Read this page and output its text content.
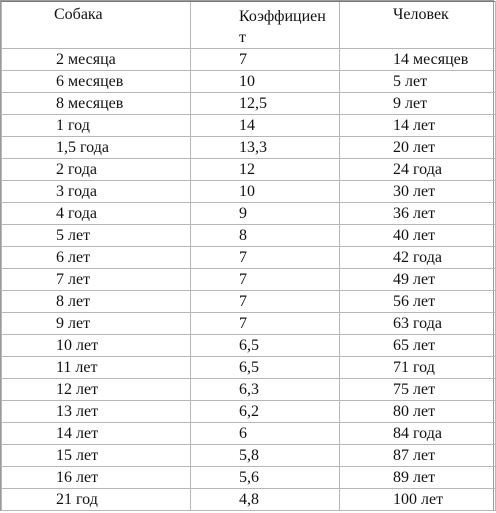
Собака	Коэффициент	Человек
2 месяца	7	14 месяцев
6 месяцев	10	5 лет
8 месяцев	12,5	9 лет
1 год	14	14 лет
1,5 года	13,3	20 лет
2 года	12	24 года
3 года	10	30 лет
4 года	9	36 лет
5 лет	8	40 лет
6 лет	7	42 года
7 лет	7	49 лет
8 лет	7	56 лет
9 лет	7	63 года
10 лет	6,5	65 лет
11 лет	6,5	71 год
12 лет	6,3	75 лет
13 лет	6,2	80 лет
14 лет	6	84 года
15 лет	5,8	87 лет
16 лет	5,6	89 лет
21 год	4,8	100 лет
